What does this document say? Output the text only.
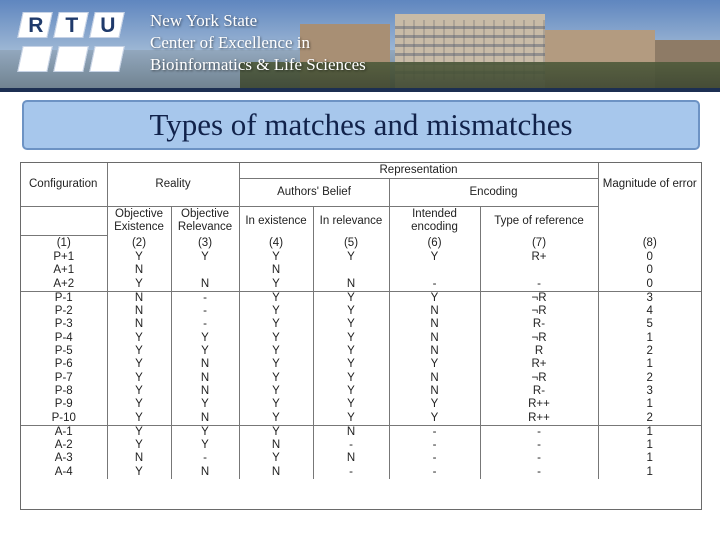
R	T	U	New York State
Center of Excellence in
Bioinformatics & Life Sciences
Types of matches and mismatches
Configuration	Reality		Representation				Magnitude of error
			Authors' Belief		Encoding		
	Objective Existence	Objective Relevance	In existence	In relevance	Intended encoding	Type of reference	
(1)	(2)	(3)	(4)	(5)	(6)	(7)	(8)
P+1	Y	Y	Y	Y	Y	R+	0
A+1	N		N				0
A+2	Y	N	Y	N	-	-	0
P-1	N	-	Y	Y	Y	¬R	3
P-2	N	-	Y	Y	N	¬R	4
P-3	N	-	Y	Y	N	R-	5
P-4	Y	Y	Y	Y	N	¬R	1
P-5	Y	Y	Y	Y	N	R	2
P-6	Y	N	Y	Y	Y	R+	1
P-7	Y	N	Y	Y	N	¬R	2
P-8	Y	N	Y	Y	N	R-	3
P-9	Y	Y	Y	Y	Y	R++	1
P-10	Y	N	Y	Y	Y	R++	2
A-1	Y	Y	Y	N	-	-	1
A-2	Y	Y	N	-	-	-	1
A-3	N	-	Y	N	-	-	1
A-4	Y	N	N	-	-	-	1
